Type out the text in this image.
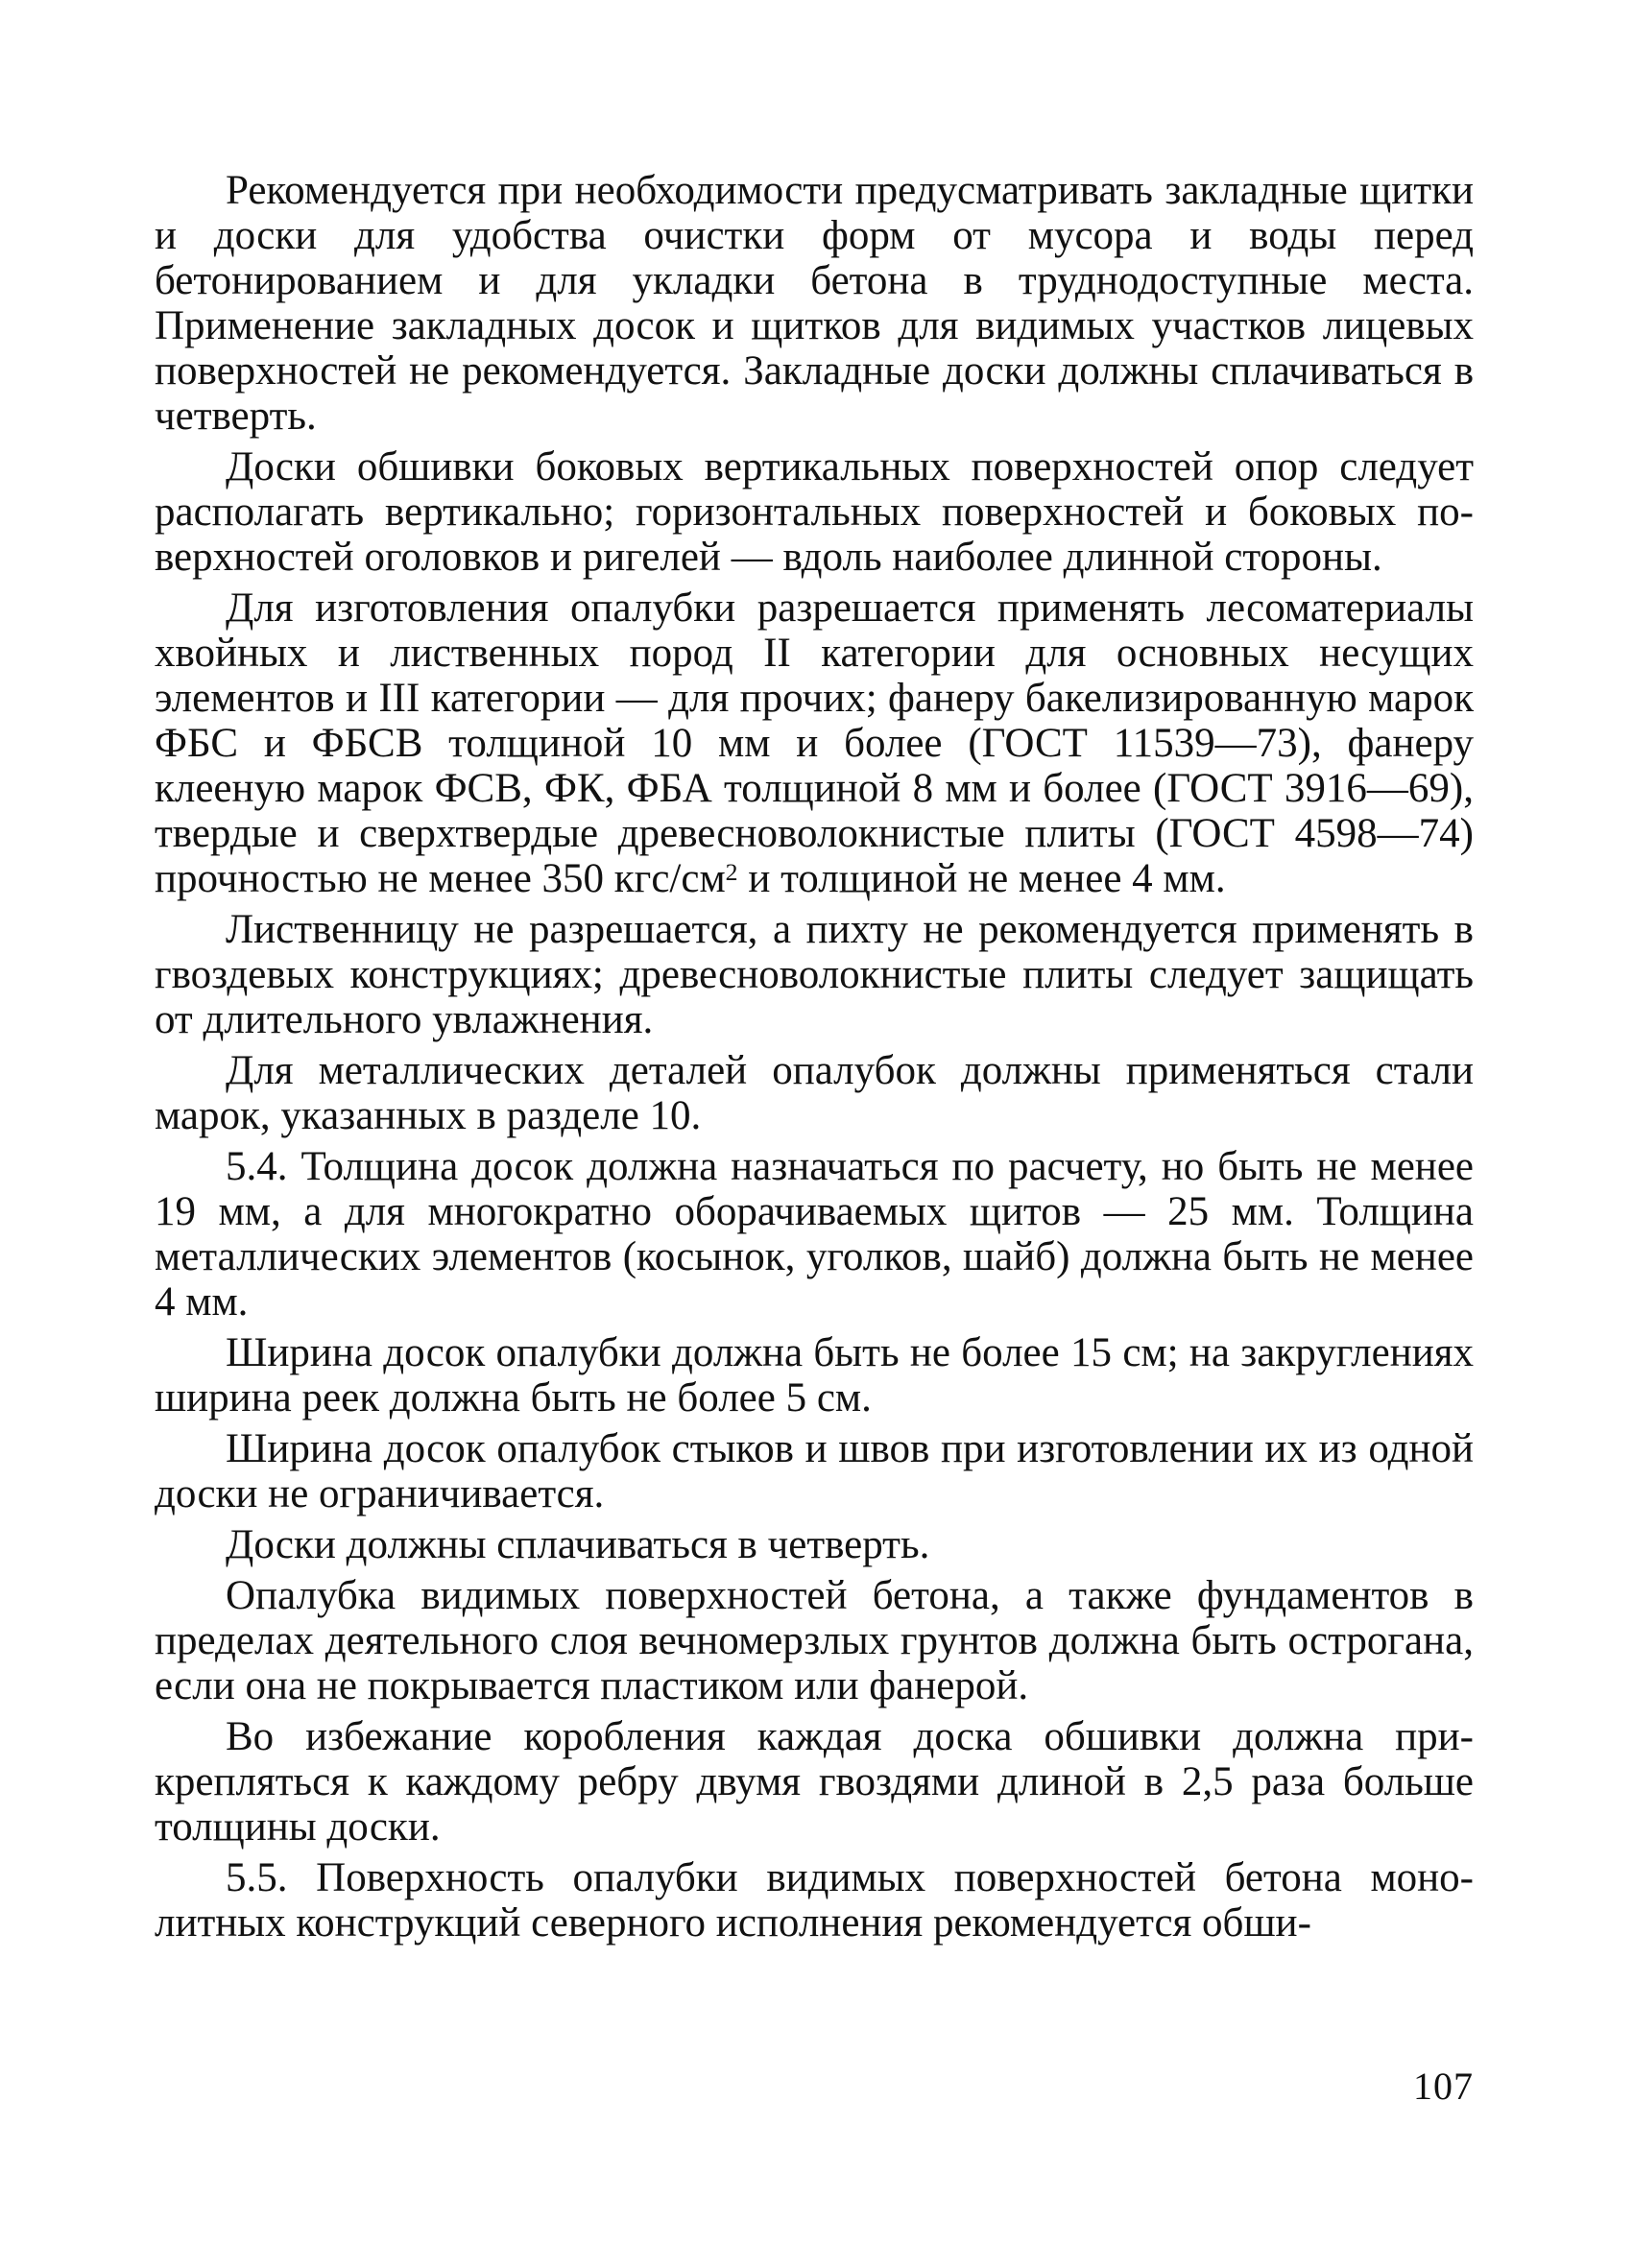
Рекомендуется при необходимости предусматривать закладные щитки и доски для удобства очистки форм от мусора и воды перед бетонированием и для укладки бетона в труднодоступные места. Применение закладных досок и щитков для видимых участков лицевых поверхностей не рекомендуется. Закладные доски должны сплачиваться в четверть.

Доски обшивки боковых вертикальных поверхностей опор следует располагать вертикально; горизонтальных поверхностей и боковых поверхностей оголовков и ригелей — вдоль наиболее длинной стороны.

Для изготовления опалубки разрешается применять лесоматериалы хвойных и лиственных пород II категории для основных несущих элементов и III категории — для прочих; фанеру бакелизированную марок ФБС и ФБСВ толщиной 10 мм и более (ГОСТ 11539—73), фанеру клееную марок ФСВ, ФК, ФБА толщиной 8 мм и более (ГОСТ 3916—69), твердые и сверхтвердые древесноволокнистые плиты (ГОСТ 4598—74) прочностью не менее 350 кгс/$см^2$ и толщиной не менее 4 мм.

Лиственницу не разрешается, а пихту не рекомендуется применять в гвоздевых конструкциях; древесноволокнистые плиты следует защищать от длительного увлажнения.

Для металлических деталей опалубок должны применяться стали марок, указанных в разделе 10.

5.4. Толщина досок должна назначаться по расчету, но быть не менее 19 мм, а для многократно оборачиваемых щитов — 25 мм. Толщина металлических элементов (косынок, уголков, шайб) должна быть не менее 4 мм.

Ширина досок опалубки должна быть не более 15 см; на закруглениях ширина реек должна быть не более 5 см.

Ширина досок опалубок стыков и швов при изготовлении их из одной доски не ограничивается.

Доски должны сплачиваться в четверть.

Опалубка видимых поверхностей бетона, а также фундаментов в пределах деятельного слоя вечномерзлых грунтов должна быть острогана, если она не покрывается пластиком или фанерой.

Во избежание коробления каждая доска обшивки должна прикрепляться к каждому ребру двумя гвоздями длиной в 2,5 раза больше толщины доски.

5.5. Поверхность опалубки видимых поверхностей бетона монолитных конструкций северного исполнения рекомендуется обши-

107
